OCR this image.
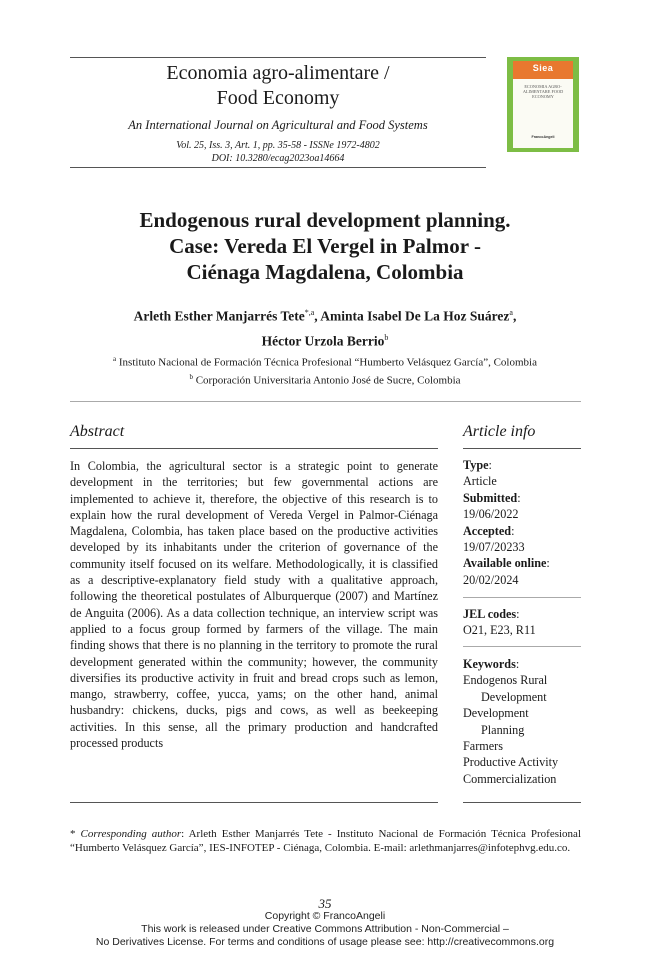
Economia agro-alimentare /
Food Economy
An International Journal on Agricultural and Food Systems
Vol. 25, Iss. 3, Art. 1, pp. 35-58 - ISSNe 1972-4802
DOI: 10.3280/ecag2023oa14664
Siea
ECONOMIA AGRO-ALIMENTARE FOOD ECONOMY
FrancoAngeli
Endogenous rural development planning.
Case: Vereda El Vergel in Palmor -
Ciénaga Magdalena, Colombia
Arleth Esther Manjarrés Tete$^{*,a}$, Aminta Isabel De La Hoz Suárez$^a$,
Héctor Urzola Berrio$^b$
$^a$ Instituto Nacional de Formación Técnica Profesional “Humberto Velásquez García”, Colombia
$^b$ Corporación Universitaria Antonio José de Sucre, Colombia
Abstract
In Colombia, the agricultural sector is a strategic point to generate development in the territories; but few governmental actions are implemented to achieve it, therefore, the objective of this research is to explain how the rural development of Vereda Vergel in Palmor-Ciénaga Magdalena, Colombia, has taken place based on the productive activities developed by its inhabitants under the criterion of governance of the community itself focused on its welfare. Methodologically, it is classified as a descriptive-explanatory field study with a qualitative approach, following the theoretical postulates of Alburquerque (2007) and Martínez de Anguita (2006). As a data collection technique, an interview script was applied to a focus group formed by farmers of the village. The main finding shows that there is no planning in the territory to promote the rural development generated within the community; however, the community diversifies its productive activity in fruit and bread crops such as lemon, mango, strawberry, coffee, yucca, yams; on the other hand, animal husbandry: chickens, ducks, pigs and cows, as well as beekeeping activities. In this sense, all the primary production and handcrafted processed products
Article info
Type:
Article
Submitted:
19/06/2022
Accepted:
19/07/20233
Available online:
20/02/2024
JEL codes:
O21, E23, R11
Keywords:
Endogenos Rural
Development
Development
Planning
Farmers
Productive Activity
Commercialization
* Corresponding author: Arleth Esther Manjarrés Tete - Instituto Nacional de Formación Técnica Profesional “Humberto Velásquez García”, IES-INFOTEP - Ciénaga, Colombia. E-mail: arlethmanjarres@infotephvg.edu.co.
35
Copyright © FrancoAngeli
This work is released under Creative Commons Attribution - Non-Commercial –
No Derivatives License. For terms and conditions of usage please see: http://creativecommons.org
